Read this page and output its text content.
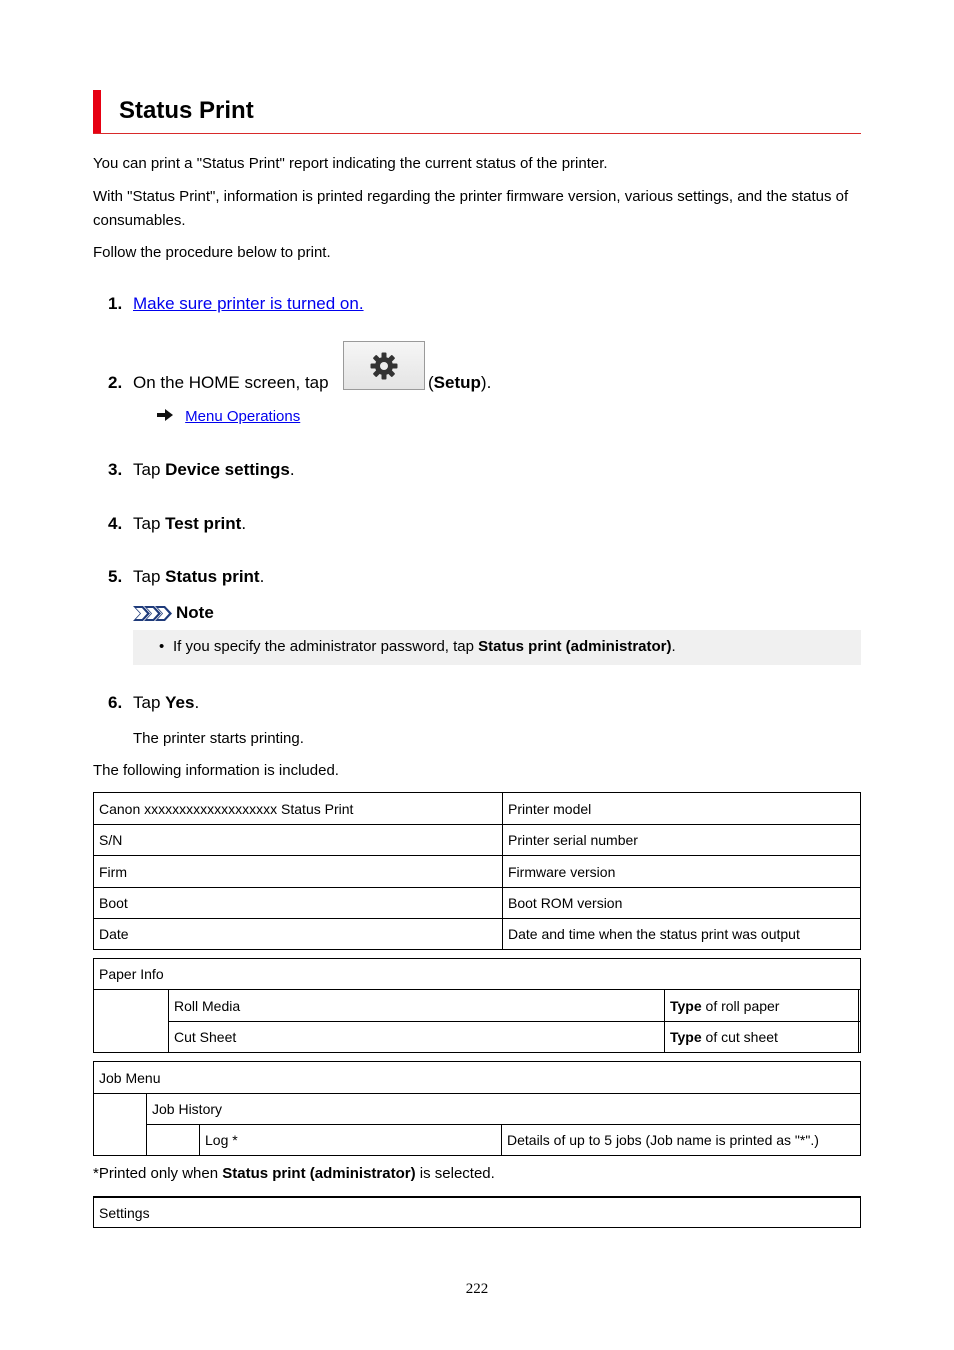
Status Print
You can print a "Status Print" report indicating the current status of the printer.
With "Status Print", information is printed regarding the printer firmware version, various settings, and the status of consumables.
Follow the procedure below to print.
1. Make sure printer is turned on.
2. On the HOME screen, tap	(Setup).
Menu Operations
3. Tap Device settings.
4. Tap Test print.
5. Tap Status print.
Note
• If you specify the administrator password, tap Status print (administrator).
6. Tap Yes.
The printer starts printing.
The following information is included.
Canon xxxxxxxxxxxxxxxxxxx Status Print	Printer model
S/N	Printer serial number
Firm	Firmware version
Boot	Boot ROM version
Date	Date and time when the status print was output
Paper Info
Roll Media	Type of roll paper
Cut Sheet	Type of cut sheet
Job Menu
Job History
Log *	Details of up to 5 jobs (Job name is printed as "*".)
*Printed only when Status print (administrator) is selected.
Settings
222
